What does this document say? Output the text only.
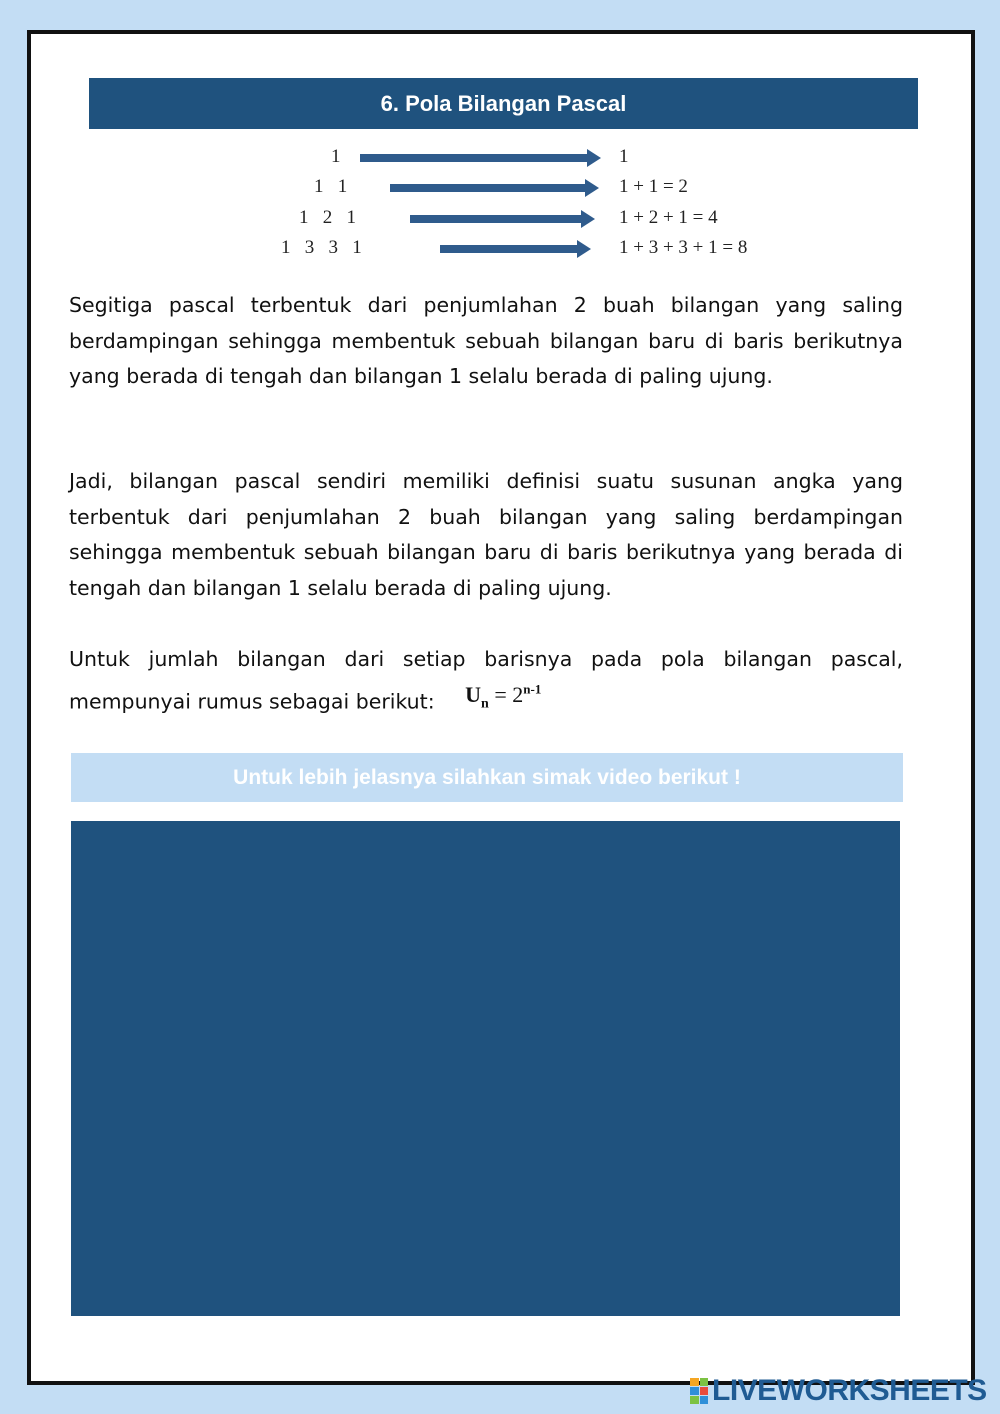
6. Pola Bilangan Pascal
1	1
1   1	1 + 1 = 2
1   2   1	1 + 2 + 1 = 4
1   3   3   1	1 + 3 + 3 + 1 = 8

Segitiga pascal terbentuk dari penjumlahan 2 buah bilangan yang saling berdampingan sehingga membentuk sebuah bilangan baru di baris berikutnya yang berada di tengah dan bilangan 1 selalu berada di paling ujung.

Jadi, bilangan pascal sendiri memiliki definisi suatu susunan angka yang terbentuk dari penjumlahan 2 buah bilangan yang saling berdampingan sehingga membentuk sebuah bilangan baru di baris berikutnya yang berada di tengah dan bilangan 1 selalu berada di paling ujung.

Untuk jumlah bilangan dari setiap barisnya pada pola bilangan pascal, mempunyai rumus sebagai berikut: $U_n = 2^{n-1}$

Untuk lebih jelasnya silahkan simak video berikut !
LIVEWORKSHEETS
